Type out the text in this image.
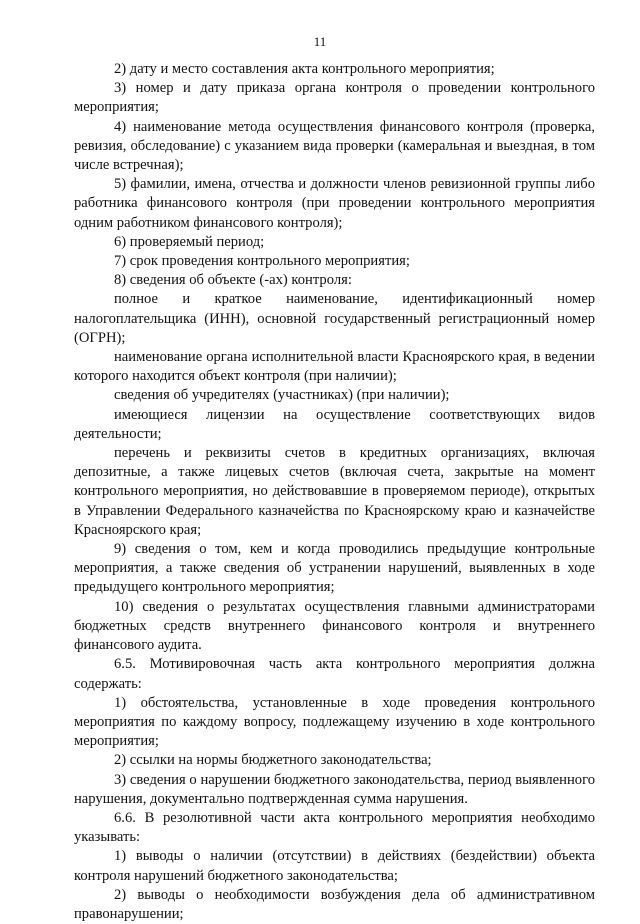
11

2) дату и место составления акта контрольного мероприятия;

3) номер и дату приказа органа контроля о проведении контрольного мероприятия;

4) наименование метода осуществления финансового контроля (проверка, ревизия, обследование) с указанием вида проверки (камеральная и выездная, в том числе встречная);

5) фамилии, имена, отчества и должности членов ревизионной группы либо работника финансового контроля (при проведении контрольного мероприятия одним работником финансового контроля);

6) проверяемый период;

7) срок проведения контрольного мероприятия;

8) сведения об объекте (-ах) контроля:

полное и краткое наименование, идентификационный номер налогоплательщика (ИНН), основной государственный регистрационный номер (ОГРН);

наименование органа исполнительной власти Красноярского края, в ведении которого находится объект контроля (при наличии);

сведения об учредителях (участниках) (при наличии);

имеющиеся лицензии на осуществление соответствующих видов деятельности;

перечень и реквизиты счетов в кредитных организациях, включая депозитные, а также лицевых счетов (включая счета, закрытые на момент контрольного мероприятия, но действовавшие в проверяемом периоде), открытых в Управлении Федерального казначейства по Красноярскому краю и казначействе Красноярского края;

9) сведения о том, кем и когда проводились предыдущие контрольные мероприятия, а также сведения об устранении нарушений, выявленных в ходе предыдущего контрольного мероприятия;

10) сведения о результатах осуществления главными администраторами бюджетных средств внутреннего финансового контроля и внутреннего финансового аудита.

6.5. Мотивировочная часть акта контрольного мероприятия должна содержать:

1) обстоятельства, установленные в ходе проведения контрольного мероприятия по каждому вопросу, подлежащему изучению в ходе контрольного мероприятия;

2) ссылки на нормы бюджетного законодательства;

3) сведения о нарушении бюджетного законодательства, период выявленного нарушения, документально подтвержденная сумма нарушения.

6.6. В резолютивной части акта контрольного мероприятия необходимо указывать:

1) выводы о наличии (отсутствии) в действиях (бездействии) объекта контроля нарушений бюджетного законодательства;

2) выводы о необходимости возбуждения дела об административном правонарушении;
